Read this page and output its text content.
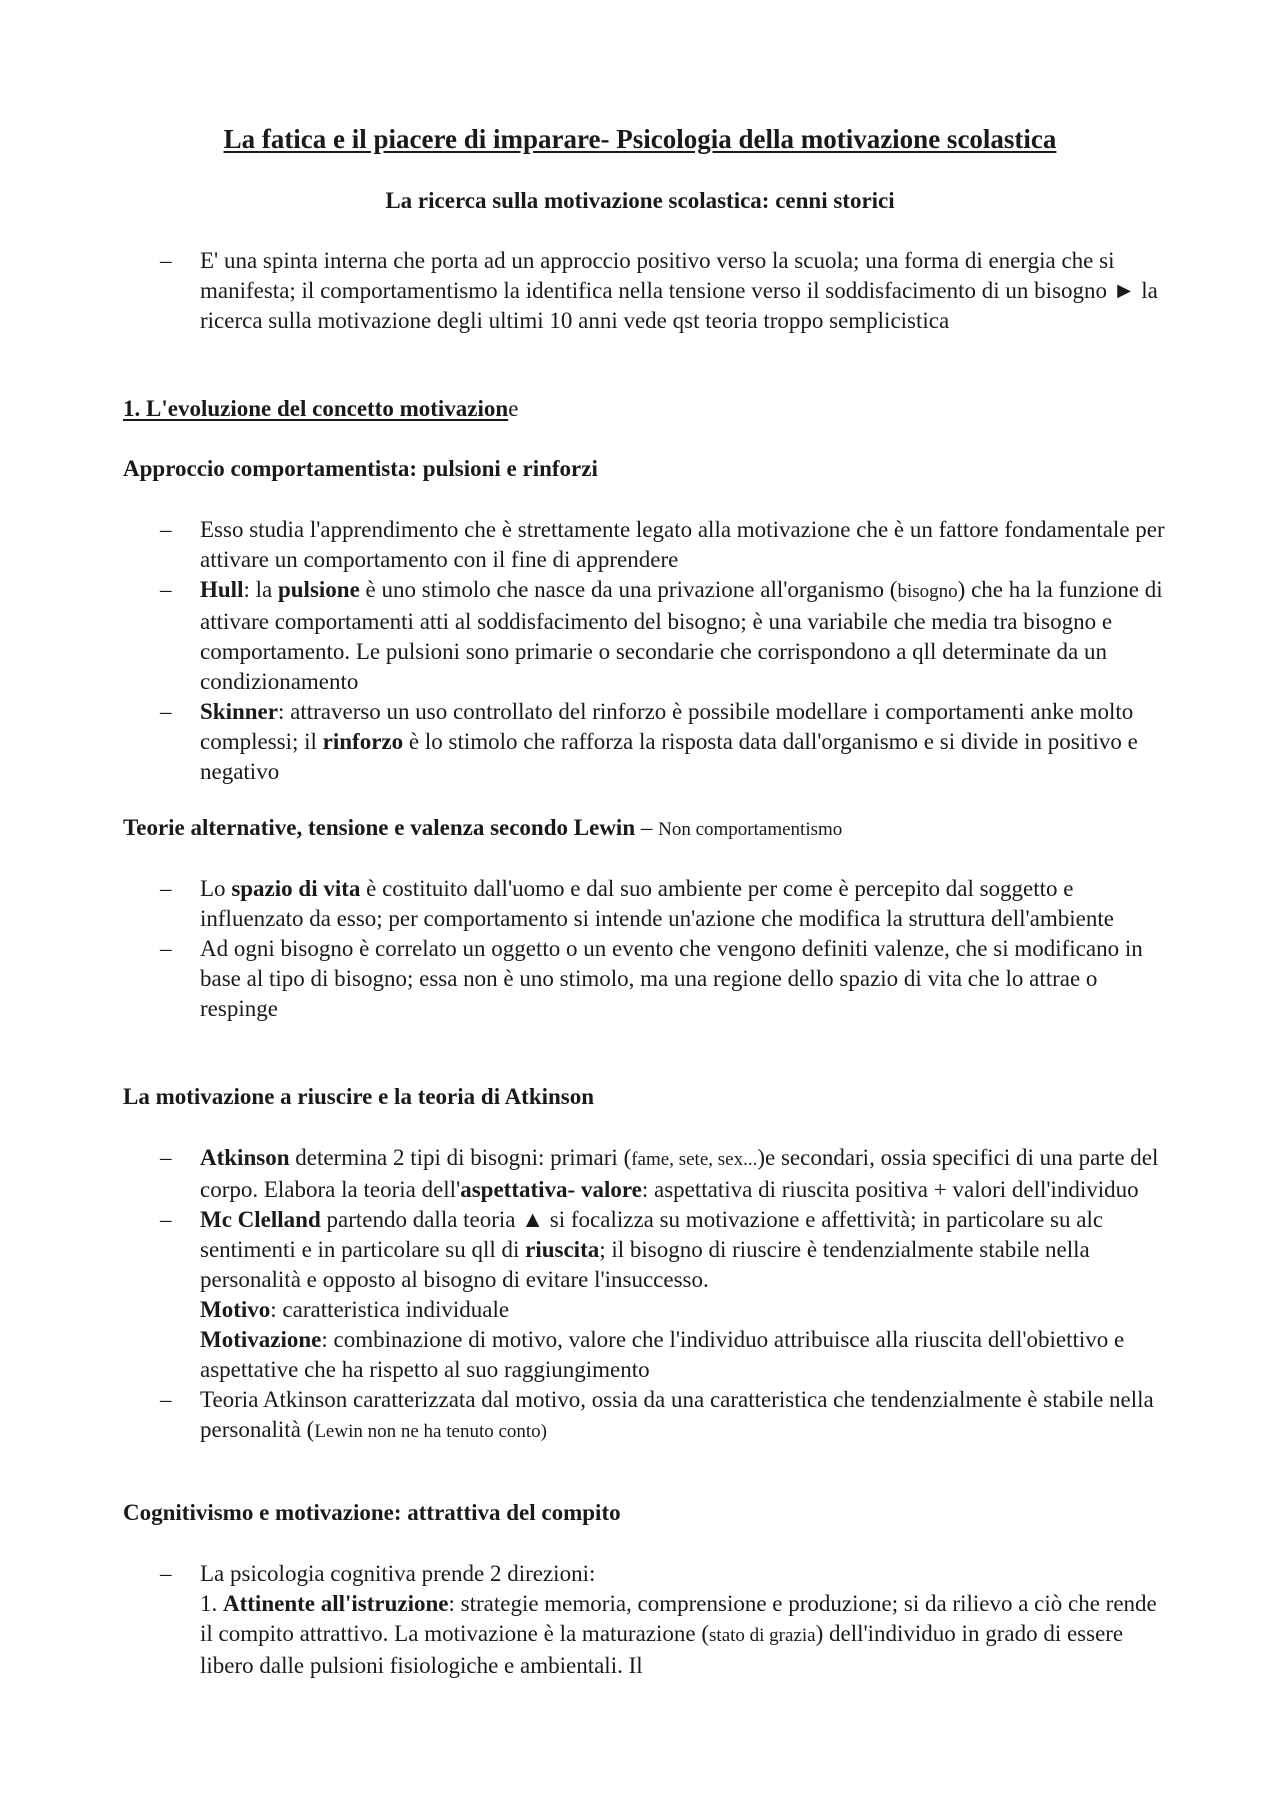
La fatica e il piacere di imparare- Psicologia della motivazione scolastica
La ricerca sulla motivazione scolastica: cenni storici
–	E' una spinta interna che porta ad un approccio positivo verso la scuola; una forma di energia che si manifesta; il comportamentismo la identifica nella tensione verso il soddisfacimento di un bisogno ► la ricerca sulla motivazione degli ultimi 10 anni vede qst teoria troppo semplicistica
1. L'evoluzione del concetto motivazione
Approccio comportamentista: pulsioni e rinforzi
–	Esso studia l'apprendimento che è strettamente legato alla motivazione che è un fattore fondamentale per attivare un comportamento con il fine di apprendere
–	Hull: la pulsione è uno stimolo che nasce da una privazione all'organismo (bisogno) che ha la funzione di attivare comportamenti atti al soddisfacimento del bisogno; è una variabile che media tra bisogno e comportamento. Le pulsioni sono primarie o secondarie che corrispondono a qll determinate da un condizionamento
–	Skinner: attraverso un uso controllato del rinforzo è possibile modellare i comportamenti anke molto complessi; il rinforzo è lo stimolo che rafforza la risposta data dall'organismo e si divide in positivo e negativo
Teorie alternative, tensione e valenza secondo Lewin – Non comportamentismo
–	Lo spazio di vita è costituito dall'uomo e dal suo ambiente per come è percepito dal soggetto e influenzato da esso; per comportamento si intende un'azione che modifica la struttura dell'ambiente
–	Ad ogni bisogno è correlato un oggetto o un evento che vengono definiti valenze, che si modificano in base al tipo di bisogno; essa non è uno stimolo, ma una regione dello spazio di vita che lo attrae o respinge
La motivazione a riuscire e la teoria di Atkinson
–	Atkinson determina 2 tipi di bisogni: primari (fame, sete, sex...)e secondari, ossia specifici di una parte del corpo. Elabora la teoria dell'aspettativa- valore: aspettativa di riuscita positiva + valori dell'individuo
–	Mc Clelland partendo dalla teoria ▲ si focalizza su motivazione e affettività; in particolare su alc sentimenti e in particolare su qll di riuscita; il bisogno di riuscire è tendenzialmente stabile nella personalità e opposto al bisogno di evitare l'insuccesso.
Motivo: caratteristica individuale
Motivazione: combinazione di motivo, valore che l'individuo attribuisce alla riuscita dell'obiettivo e aspettative che ha rispetto al suo raggiungimento
–	Teoria Atkinson caratterizzata dal motivo, ossia da una caratteristica che tendenzialmente è stabile nella personalità (Lewin non ne ha tenuto conto)
Cognitivismo e motivazione: attrattiva del compito
–	La psicologia cognitiva prende 2 direzioni:
1. Attinente all'istruzione: strategie memoria, comprensione e produzione; si da rilievo a ciò che rende il compito attrattivo. La motivazione è la maturazione (stato di grazia) dell'individuo in grado di essere libero dalle pulsioni fisiologiche e ambientali. Il
